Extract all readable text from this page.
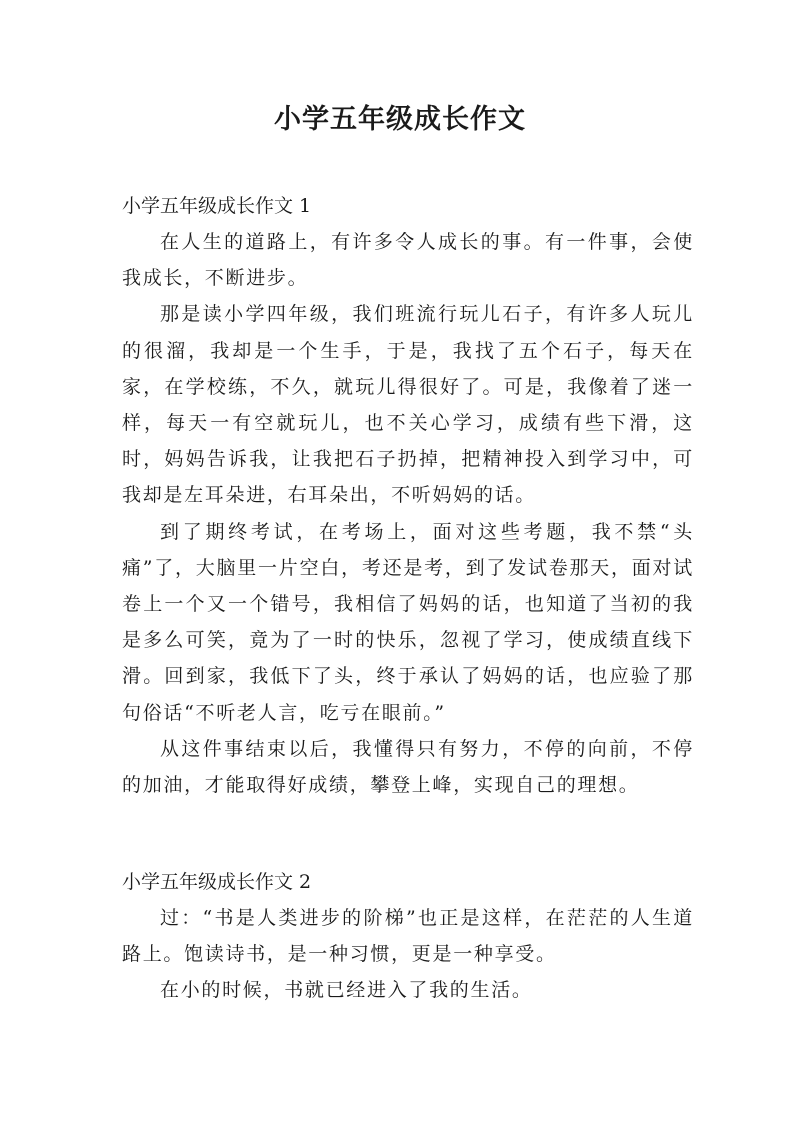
小学五年级成长作文
小学五年级成长作文 1

在人生的道路上，有许多令人成长的事。有一件事，会使我成长，不断进步。

那是读小学四年级，我们班流行玩儿石子，有许多人玩儿的很溜，我却是一个生手，于是，我找了五个石子，每天在家，在学校练，不久，就玩儿得很好了。可是，我像着了迷一样，每天一有空就玩儿，也不关心学习，成绩有些下滑，这时，妈妈告诉我，让我把石子扔掉，把精神投入到学习中，可我却是左耳朵进，右耳朵出，不听妈妈的话。

到了期终考试，在考场上，面对这些考题，我不禁“头痛”了，大脑里一片空白，考还是考，到了发试卷那天，面对试卷上一个又一个错号，我相信了妈妈的话，也知道了当初的我是多么可笑，竟为了一时的快乐，忽视了学习，使成绩直线下滑。回到家，我低下了头，终于承认了妈妈的话，也应验了那句俗话“不听老人言，吃亏在眼前。”

从这件事结束以后，我懂得只有努力，不停的向前，不停的加油，才能取得好成绩，攀登上峰，实现自己的理想。

小学五年级成长作文 2

过：“书是人类进步的阶梯”也正是这样，在茫茫的人生道路上。饱读诗书，是一种习惯，更是一种享受。

在小的时候，书就已经进入了我的生活。
